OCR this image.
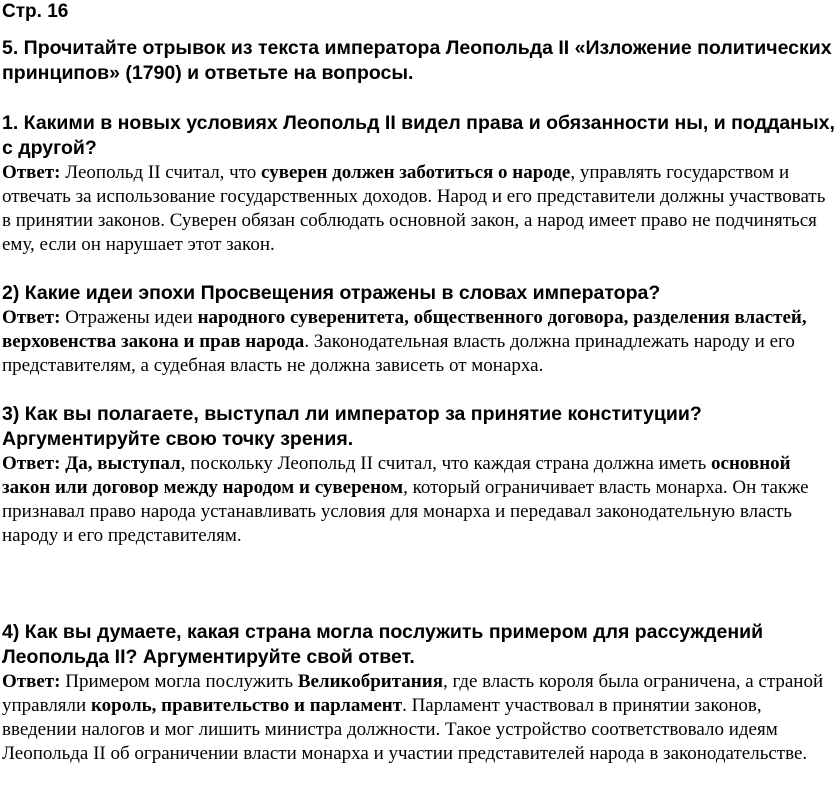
Стр. 16

5. Прочитайте отрывок из текста императора Леопольда II «Изложение политических принципов» (1790) и ответьте на вопросы.

1. Какими в новых условиях Леопольд II видел права и обязанности ны, и подданых, с другой?

Ответ: Леопольд II считал, что суверен должен заботиться о народе, управлять государством и отвечать за использование государственных доходов. Народ и его представители должны участвовать в принятии законов. Суверен обязан соблюдать основной закон, а народ имеет право не подчиняться ему, если он нарушает этот закон.

2) Какие идеи эпохи Просвещения отражены в словах императора?

Ответ: Отражены идеи народного суверенитета, общественного договора, разделения властей, верховенства закона и прав народа. Законодательная власть должна принадлежать народу и его представителям, а судебная власть не должна зависеть от монарха.

3) Как вы полагаете, выступал ли император за принятие конституции? Аргументируйте свою точку зрения.

Ответ: Да, выступал, поскольку Леопольд II считал, что каждая страна должна иметь основной закон или договор между народом и сувереном, который ограничивает власть монарха. Он также признавал право народа устанавливать условия для монарха и передавал законодательную власть народу и его представителям.

4) Как вы думаете, какая страна могла послужить примером для рассуждений Леопольда II? Аргументируйте свой ответ.

Ответ: Примером могла послужить Великобритания, где власть короля была ограничена, а страной управляли король, правительство и парламент. Парламент участвовал в принятии законов, введении налогов и мог лишить министра должности. Такое устройство соответствовало идеям Леопольда II об ограничении власти монарха и участии представителей народа в законодательстве.
